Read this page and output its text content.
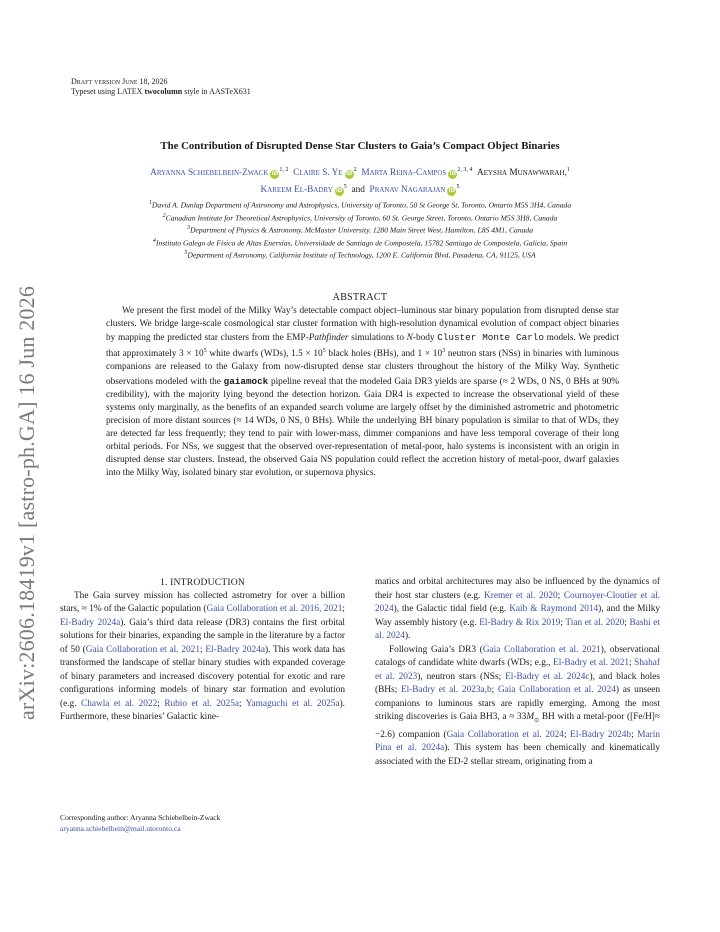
arXiv:2606.18419v1 [astro-ph.GA] 16 Jun 2026
Draft version June 18, 2026
Typeset using LATEX twocolumn style in AASTeX631
The Contribution of Disrupted Dense Star Clusters to Gaia’s Compact Object Binaries
Aryanna Schiebelbein-Zwack iD$^{1, 2}$ Claire S. Ye $iD^2$ Marta Reina-Campos iD$^{2, 3, 4}$ Aeysha Munawwarah,$^1$
Kareem El-Badry $iD^5$ and Pranav Nagarajan $iD^5$
$^1$David A. Dunlap Department of Astronomy and Astrophysics, University of Toronto, 50 St George St, Toronto, Ontario M5S 3H4, Canada
$^2$Canadian Institute for Theoretical Astrophysics, University of Toronto, 60 St. George Street, Toronto, Ontario M5S 3H8, Canada
$^3$Department of Physics & Astronomy, McMaster University, 1280 Main Street West, Hamilton, L8S 4M1, Canada
$^4$Instituto Galego de Física de Altas Enerxías, Universidade de Santiago de Compostela, 15782 Santiago de Compostela, Galicia, Spain
$^5$Department of Astronomy, California Institute of Technology, 1200 E. California Blvd, Pasadena, CA, 91125, USA
ABSTRACT

We present the first model of the Milky Way’s detectable compact object–luminous star binary population from disrupted dense star clusters. We bridge large-scale cosmological star cluster formation with high-resolution dynamical evolution of compact object binaries by mapping the predicted star clusters from the EMP-Pathfinder simulations to N-body Cluster Monte Carlo models. We predict that approximately $3 \times 10^5$ white dwarfs (WDs), $1.5 \times 10^5$ black holes (BHs), and $1 \times 10^3$ neutron stars (NSs) in binaries with luminous companions are released to the Galaxy from now-disrupted dense star clusters throughout the history of the Milky Way. Synthetic observations modeled with the gaiamock pipeline reveal that the modeled Gaia DR3 yields are sparse (≈ 2 WDs, 0 NS, 0 BHs at 90% credibility), with the majority lying beyond the detection horizon. Gaia DR4 is expected to increase the observational yield of these systems only marginally, as the benefits of an expanded search volume are largely offset by the diminished astrometric and photometric precision of more distant sources (≈ 14 WDs, 0 NS, 0 BHs). While the underlying BH binary population is similar to that of WDs, they are detected far less frequently; they tend to pair with lower-mass, dimmer companions and have less temporal coverage of their long orbital periods. For NSs, we suggest that the observed over-representation of metal-poor, halo systems is inconsistent with an origin in disrupted dense star clusters. Instead, the observed Gaia NS population could reflect the accretion history of metal-poor, dwarf galaxies into the Milky Way, isolated binary star evolution, or supernova physics.

1. INTRODUCTION

The Gaia survey mission has collected astrometry for over a billion stars, ≈ 1% of the Galactic population (Gaia Collaboration et al. 2016, 2021; El-Badry 2024a). Gaia’s third data release (DR3) contains the first orbital solutions for their binaries, expanding the sample in the literature by a factor of 50 (Gaia Collaboration et al. 2021; El-Badry 2024a). This work data has transformed the landscape of stellar binary studies with expanded coverage of binary parameters and increased discovery potential for exotic and rare configurations informing models of binary star formation and evolution (e.g. Chawla et al. 2022; Rubio et al. 2025a; Yamaguchi et al. 2025a). Furthermore, these binaries’ Galactic kine-

matics and orbital architectures may also be influenced by the dynamics of their host star clusters (e.g. Kremer et al. 2020; Cournoyer-Cloutier et al. 2024), the Galactic tidal field (e.g. Kaib & Raymond 2014), and the Milky Way assembly history (e.g. El-Badry & Rix 2019; Tian et al. 2020; Bashi et al. 2024).

Following Gaia’s DR3 (Gaia Collaboration et al. 2021), observational catalogs of candidate white dwarfs (WDs; e.g., El-Badry et al. 2021; Shahaf et al. 2023), neutron stars (NSs; El-Badry et al. 2024c), and black holes (BHs; El-Badry et al. 2023a,b; Gaia Collaboration et al. 2024) as unseen companions to luminous stars are rapidly emerging. Among the most striking discoveries is Gaia BH3, $a \approx 33M_⊙$ BH with a metal-poor ([Fe/H]≈ −2.6) companion (Gaia Collaboration et al. 2024; El-Badry 2024b; Marín Pina et al. 2024a). This system has been chemically and kinematically associated with the ED-2 stellar stream, originating from a

Corresponding author: Aryanna Schiebelbein-Zwack
aryanna.schiebelbein@mail.utoronto.ca
